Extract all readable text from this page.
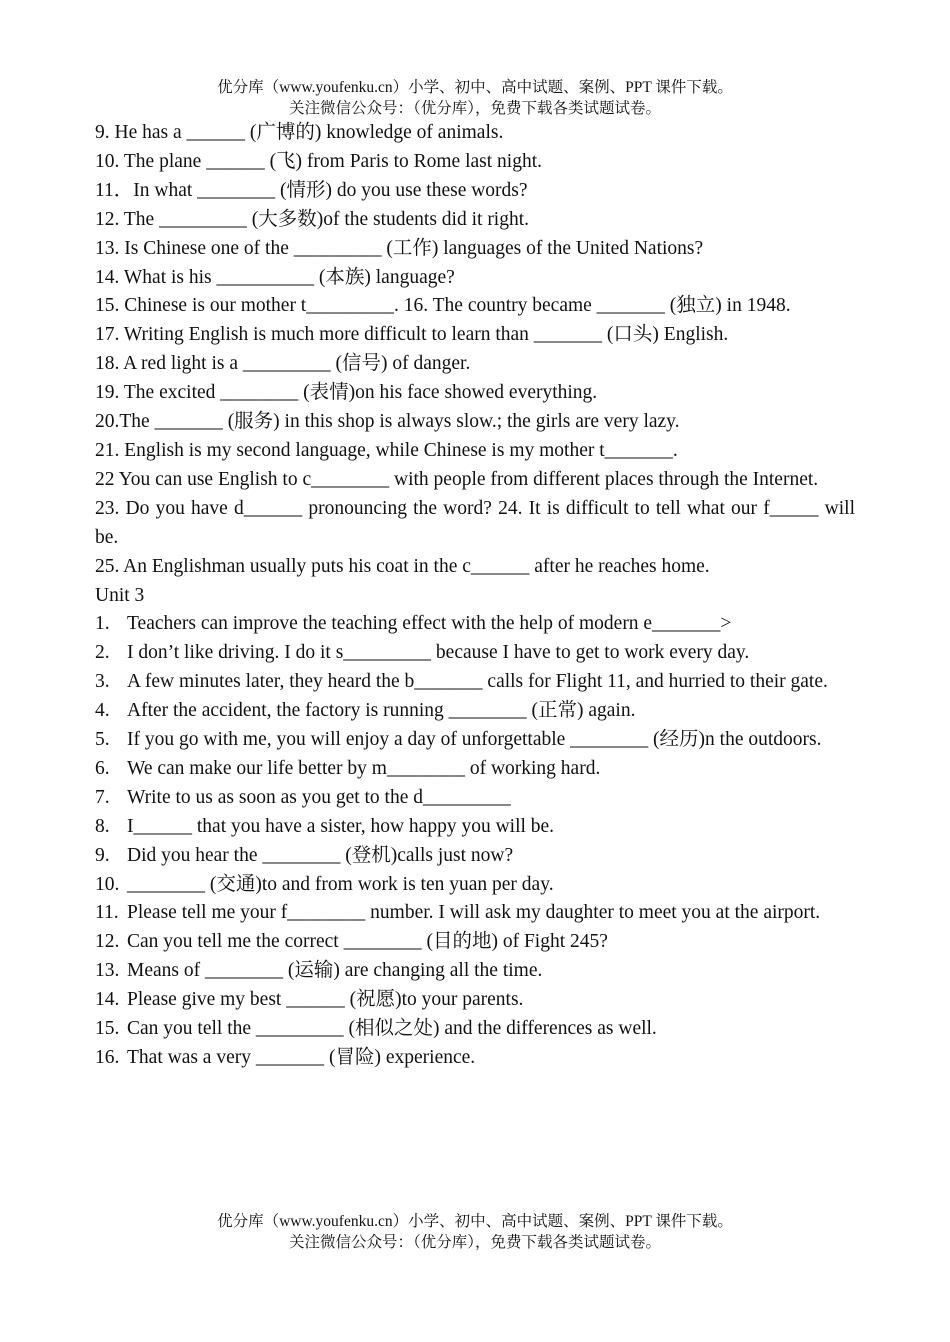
优分库（www.youfenku.cn）小学、初中、高中试题、案例、PPT 课件下载。
关注微信公众号：（优分库），免费下载各类试题试卷。
9. He has a ______ (广博的) knowledge of animals.
10. The plane ______ (飞) from Paris to Rome last night.
11．In what ________ (情形) do you use these words?
12. The _________ (大多数)of the students did it right.
13. Is Chinese one of the _________ (工作) languages of the United Nations?
14. What is his __________ (本族) language?
15. Chinese is our mother t_________. 16. The country became _______ (独立) in 1948.
17. Writing English is much more difficult to learn than _______ (口头) English.
18. A red light is a _________ (信号) of danger.
19. The excited ________ (表情)on his face showed everything.
20.The _______ (服务) in this shop is always slow.; the girls are very lazy.
21. English is my second language, while Chinese is my mother t_______.
22 You can use English to c________ with people from different places through the Internet.
23. Do you have d______ pronouncing the word? 24. It is difficult to tell what our f_____ will be.
25. An Englishman usually puts his coat in the c______ after he reaches home.
Unit 3
1. Teachers can improve the teaching effect with the help of modern e_______>
2. I don’t like driving. I do it s_________ because I have to get to work every day.
3. A few minutes later, they heard the b_______ calls for Flight 11, and hurried to their gate.
4. After the accident, the factory is running ________ (正常) again.
5. If you go with me, you will enjoy a day of unforgettable ________ (经历)n the outdoors.
6. We can make our life better by m________ of working hard.
7. Write to us as soon as you get to the d_________
8. I______ that you have a sister, how happy you will be.
9. Did you hear the ________ (登机)calls just now?
10. ________ (交通)to and from work is ten yuan per day.
11. Please tell me your f________ number. I will ask my daughter to meet you at the airport.
12. Can you tell me the correct ________ (目的地) of Fight 245?
13. Means of ________ (运输) are changing all the time.
14. Please give my best ______ (祝愿)to your parents.
15. Can you tell the _________ (相似之处) and the differences as well.
16. That was a very _______ (冒险) experience.
优分库（www.youfenku.cn）小学、初中、高中试题、案例、PPT 课件下载。
关注微信公众号：（优分库），免费下载各类试题试卷。
